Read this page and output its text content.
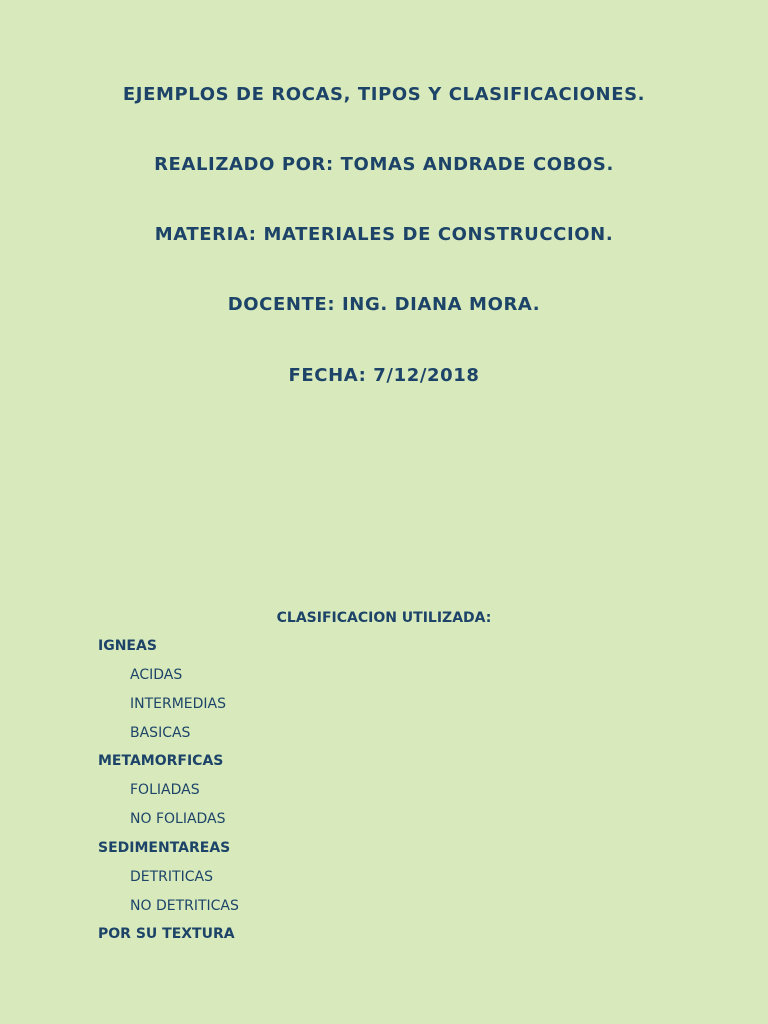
EJEMPLOS DE ROCAS, TIPOS Y CLASIFICACIONES.
REALIZADO POR: TOMAS ANDRADE COBOS.
MATERIA: MATERIALES DE CONSTRUCCION.
DOCENTE: ING. DIANA MORA.
FECHA: 7/12/2018
CLASIFICACION UTILIZADA:
IGNEAS
ACIDAS
INTERMEDIAS
BASICAS
METAMORFICAS
FOLIADAS
NO FOLIADAS
SEDIMENTAREAS
DETRITICAS
NO DETRITICAS
POR SU TEXTURA
